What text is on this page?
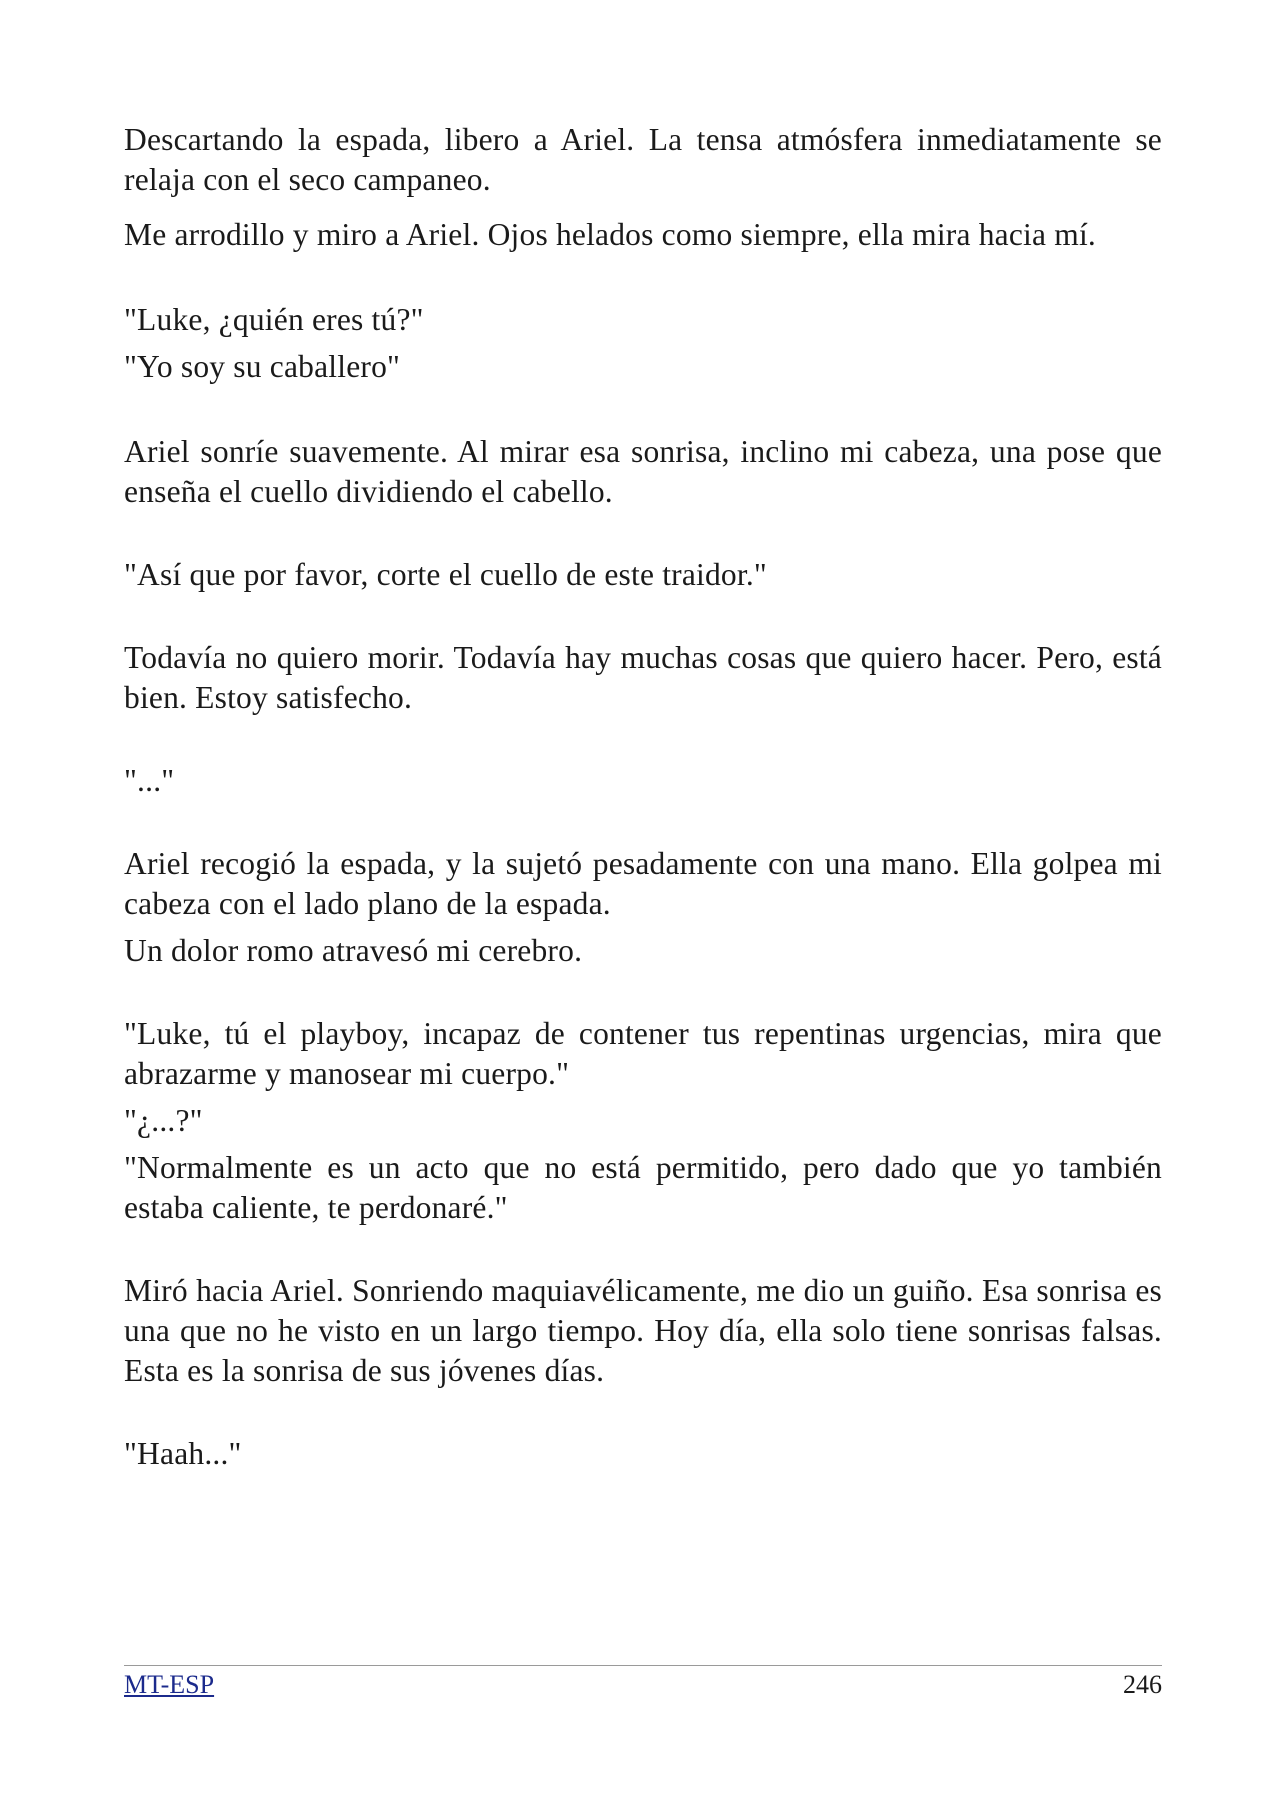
Descartando la espada, libero a Ariel. La tensa atmósfera inmediatamente se relaja con el seco campaneo.

Me arrodillo y miro a Ariel. Ojos helados como siempre, ella mira hacia mí.

"Luke, ¿quién eres tú?"

"Yo soy su caballero"

Ariel sonríe suavemente. Al mirar esa sonrisa, inclino mi cabeza, una pose que enseña el cuello dividiendo el cabello.

"Así que por favor, corte el cuello de este traidor."

Todavía no quiero morir. Todavía hay muchas cosas que quiero hacer. Pero, está bien. Estoy satisfecho.

"..."

Ariel recogió la espada, y la sujetó pesadamente con una mano. Ella golpea mi cabeza con el lado plano de la espada.

Un dolor romo atravesó mi cerebro.

"Luke, tú el playboy, incapaz de contener tus repentinas urgencias, mira que abrazarme y manosear mi cuerpo."

"¿...?"

"Normalmente es un acto que no está permitido, pero dado que yo también estaba caliente, te perdonaré."

Miró hacia Ariel. Sonriendo maquiavélicamente, me dio un guiño. Esa sonrisa es una que no he visto en un largo tiempo. Hoy día, ella solo tiene sonrisas falsas. Esta es la sonrisa de sus jóvenes días.

"Haah..."

MT-ESP	246
